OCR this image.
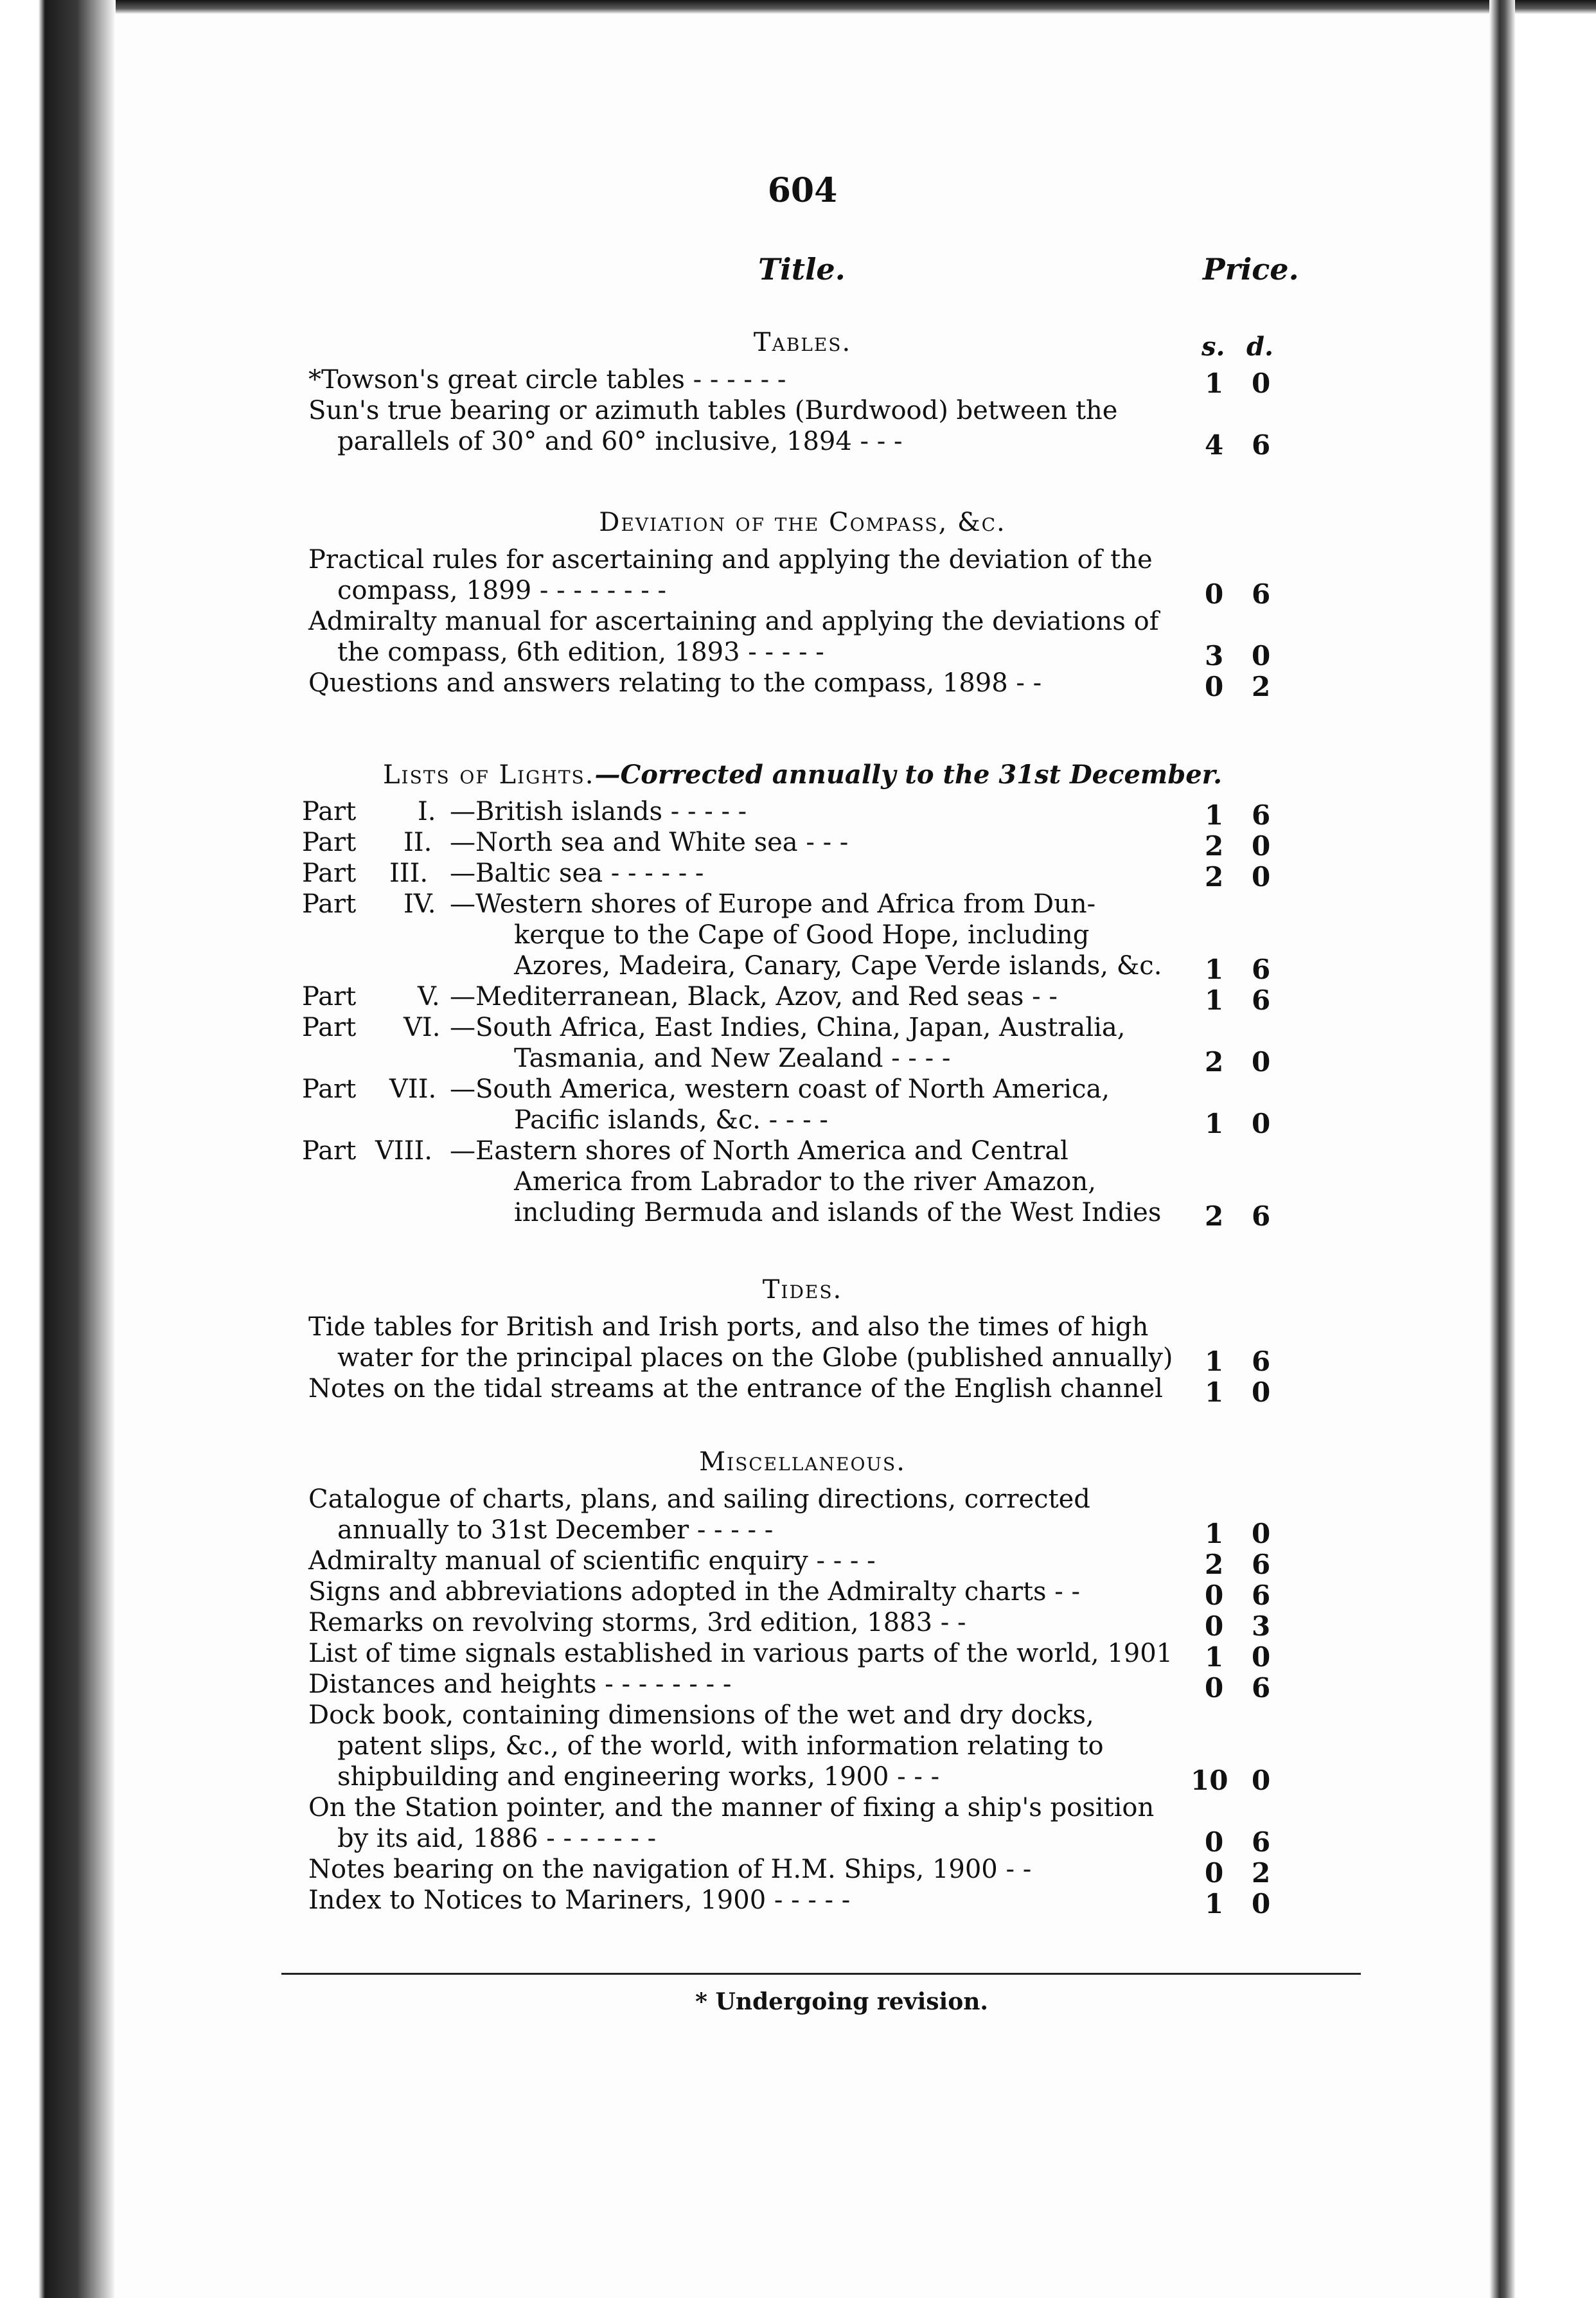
604
Title.	Price.
s. d.
Tables.
*Towson's great circle tables - - - - - -	1 0
Sun's true bearing or azimuth tables (Burdwood) between the
parallels of 30° and 60° inclusive, 1894 - - -	4 6
Deviation of the Compass, &c.
Practical rules for ascertaining and applying the deviation of the
compass, 1899 - - - - - - - -	0 6
Admiralty manual for ascertaining and applying the deviations of
the compass, 6th edition, 1893 - - - - -	3 0
Questions and answers relating to the compass, 1898 - -	0 2
Lists of Lights.—Corrected annually to the 31st December.
Part I. —British islands - - - - -	1 6
Part II. —North sea and White sea - - -	2 0
Part III. —Baltic sea - - - - - -	2 0
Part IV. —Western shores of Europe and Africa from Dun-
kerque to the Cape of Good Hope, including
Azores, Madeira, Canary, Cape Verde islands, &c. 1 6
Part V. —Mediterranean, Black, Azov, and Red seas - -	1 6
Part VI. —South Africa, East Indies, China, Japan, Australia,
Tasmania, and New Zealand - - - -	2 0
Part VII. —South America, western coast of North America,
Pacific islands, &c. - - - -	1 0
Part VIII. —Eastern shores of North America and Central
America from Labrador to the river Amazon,
including Bermuda and islands of the West Indies 2 6
Tides.
Tide tables for British and Irish ports, and also the times of high
water for the principal places on the Globe (published annually) 1 6
Notes on the tidal streams at the entrance of the English channel 1 0
Miscellaneous.
Catalogue of charts, plans, and sailing directions, corrected
annually to 31st December - - - - -	1 0
Admiralty manual of scientific enquiry - - - -	2 6
Signs and abbreviations adopted in the Admiralty charts - -	0 6
Remarks on revolving storms, 3rd edition, 1883 - -	0 3
List of time signals established in various parts of the world, 1901 1 0
Distances and heights - - - - - - - -	0 6
Dock book, containing dimensions of the wet and dry docks,
patent slips, &c., of the world, with information relating to
shipbuilding and engineering works, 1900 - - -	10 0
On the Station pointer, and the manner of fixing a ship's position
by its aid, 1886 - - - - - - -	0 6
Notes bearing on the navigation of H.M. Ships, 1900 - -	0 2
Index to Notices to Mariners, 1900 - - - - -	1 0
* Undergoing revision.
